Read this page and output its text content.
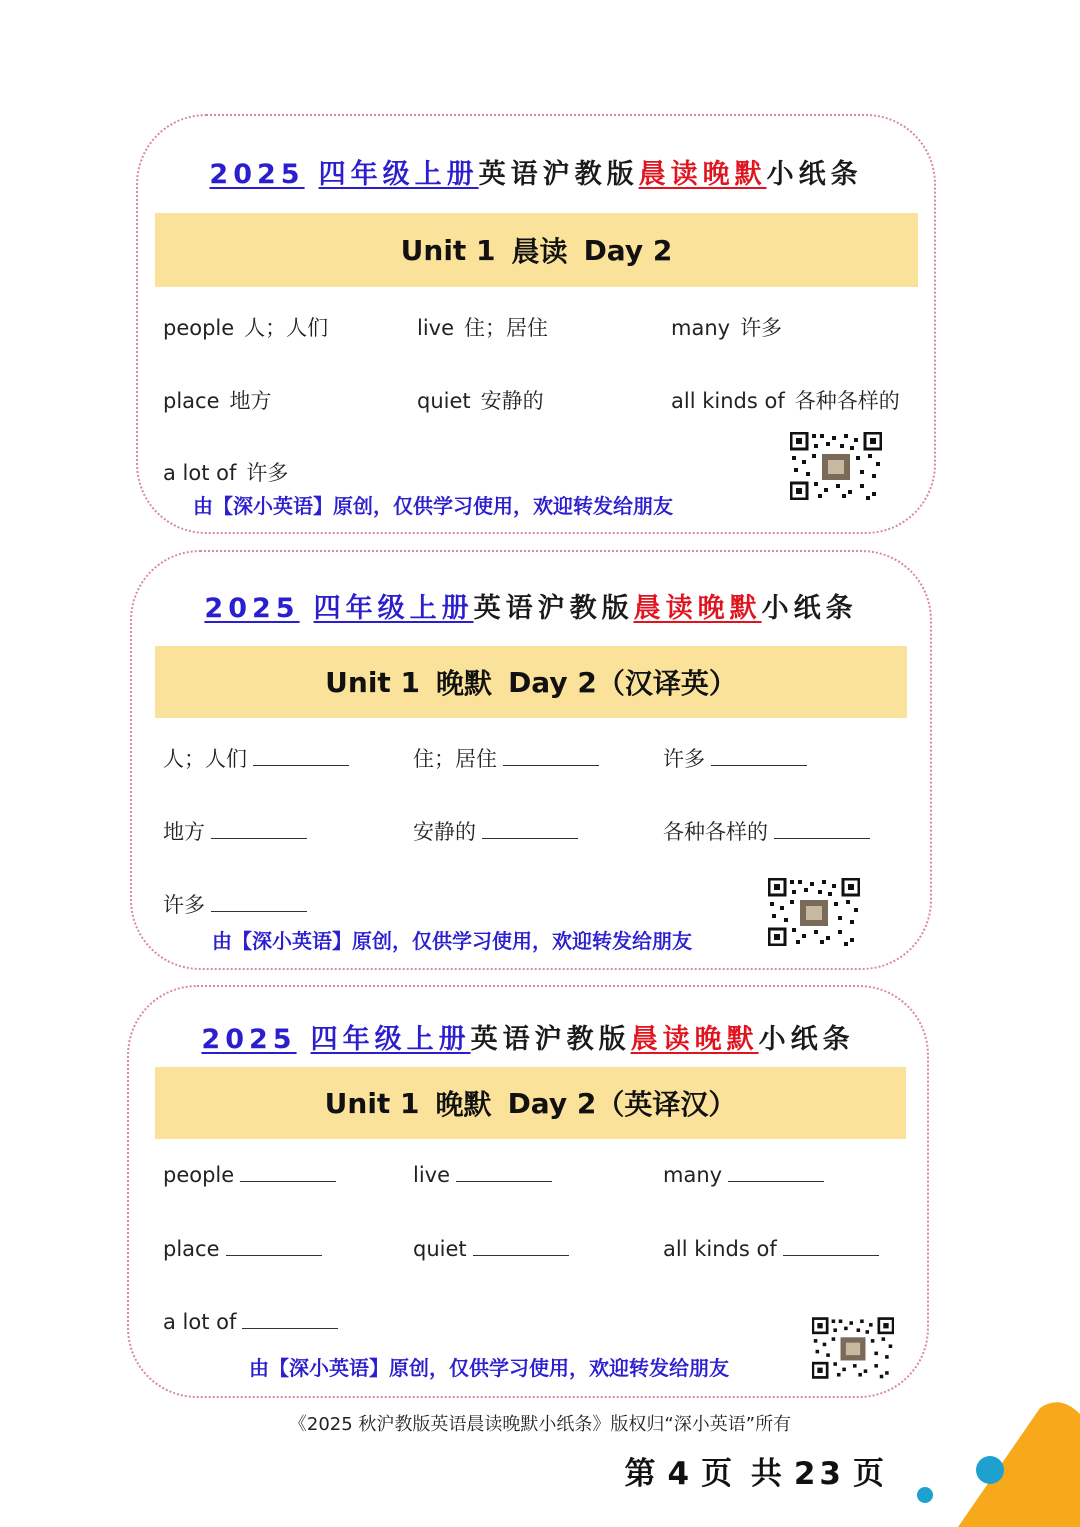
2025 四年级上册英语沪教版晨读晚默小纸条
Unit 1 晨读 Day 2
people 人；人们	live 住；居住	many 许多
place 地方	quiet 安静的	all kinds of 各种各样的
a lot of 许多
由【深小英语】原创，仅供学习使用，欢迎转发给朋友
2025 四年级上册英语沪教版晨读晚默小纸条
Unit 1 晚默 Day 2 （汉译英）
人；人们	住；居住	许多
地方	安静的	各种各样的
许多
由【深小英语】原创，仅供学习使用，欢迎转发给朋友
2025 四年级上册英语沪教版晨读晚默小纸条
Unit 1 晚默 Day 2 （英译汉）
people	live	many
place	quiet	all kinds of
a lot of
由【深小英语】原创，仅供学习使用，欢迎转发给朋友
《2025 秋沪教版英语晨读晚默小纸条》版权归“深小英语”所有
第 4 页 共 23 页
